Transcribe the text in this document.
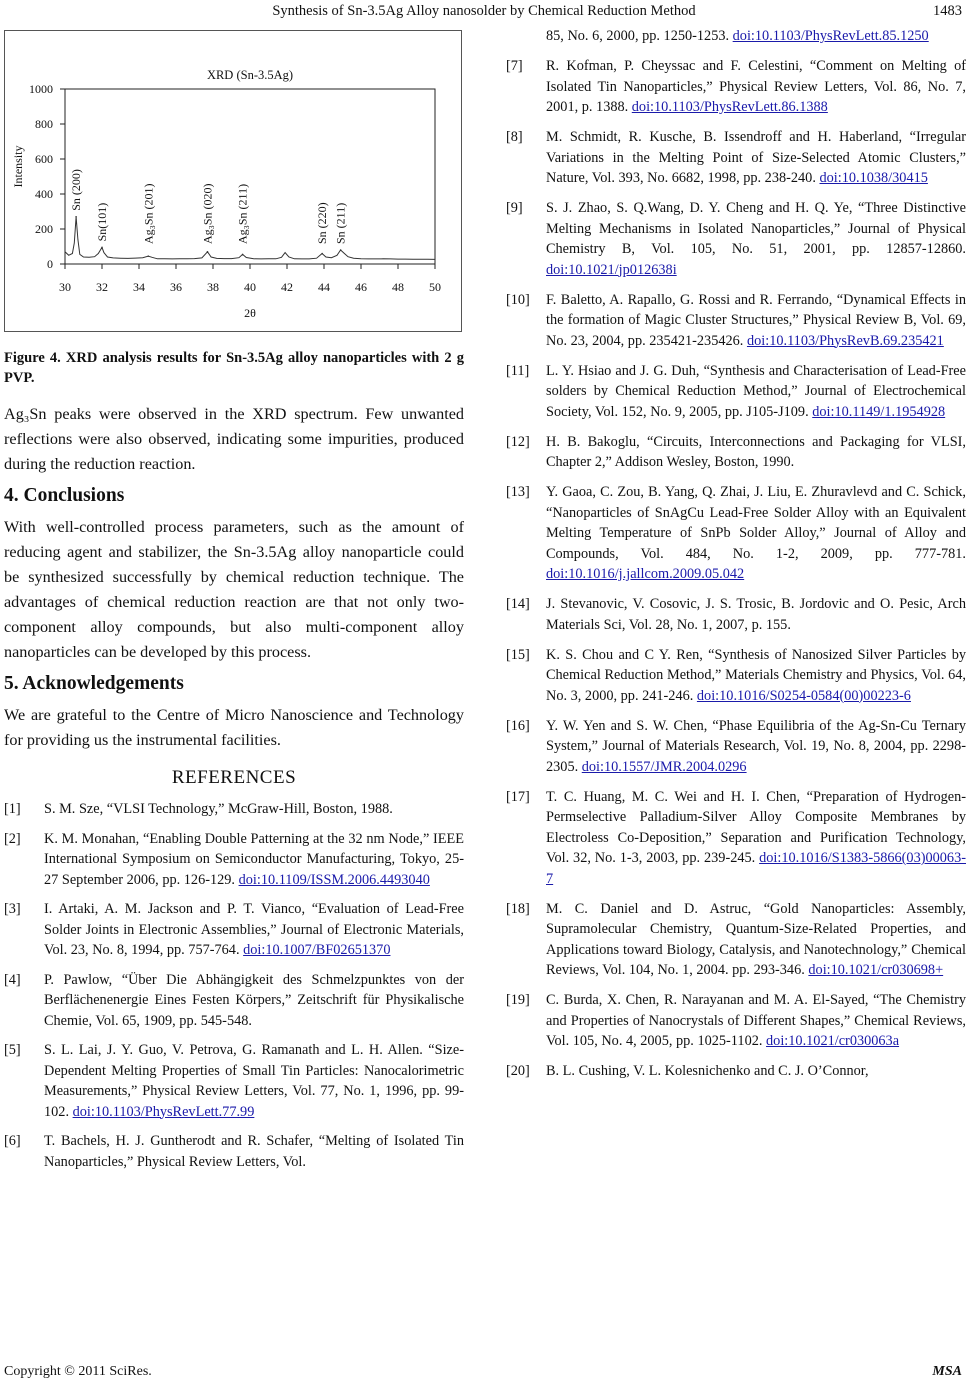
Synthesis of Sn-3.5Ag Alloy nanosolder by Chemical Reduction Method	1483
XRD (Sn-3.5Ag)
0
200
400
600
800
1000
30 32 34 36 38 40 42 44 46 48 50
2θ
Intensity
Sn (200)
Sn(101)	Ag₃Sn (201)	Ag₃Sn (020) Ag₃Sn (211)	Sn (220) Sn (211)
Figure 4. XRD analysis results for Sn-3.5Ag alloy nanoparticles with 2 g PVP.

Ag₃Sn peaks were observed in the XRD spectrum. Few unwanted reflections were also observed, indicating some impurities, produced during the reduction reaction.

4. Conclusions

With well-controlled process parameters, such as the amount of reducing agent and stabilizer, the Sn-3.5Ag alloy nanoparticle could be synthesized successfully by chemical reduction technique. The advantages of chemical reduction reaction are that not only two-component alloy compounds, but also multi-component alloy nanoparticles can be developed by this process.

5. Acknowledgements

We are grateful to the Centre of Micro Nanoscience and Technology for providing us the instrumental facilities.

REFERENCES
[1] S. M. Sze, “VLSI Technology,” McGraw-Hill, Boston, 1988.
[2] K. M. Monahan, “Enabling Double Patterning at the 32 nm Node,” IEEE International Symposium on Semiconductor Manufacturing, Tokyo, 25-27 September 2006, pp. 126-129. doi:10.1109/ISSM.2006.4493040
[3] I. Artaki, A. M. Jackson and P. T. Vianco, “Evaluation of Lead-Free Solder Joints in Electronic Assemblies,” Journal of Electronic Materials, Vol. 23, No. 8, 1994, pp. 757-764. doi:10.1007/BF02651370
[4] P. Pawlow, “Über Die Abhängigkeit des Schmelzpunktes von der Berflächenenergie Eines Festen Körpers,” Zeitschrift für Physikalische Chemie, Vol. 65, 1909, pp. 545-548.
[5] S. L. Lai, J. Y. Guo, V. Petrova, G. Ramanath and L. H. Allen. “Size-Dependent Melting Properties of Small Tin Particles: Nanocalorimetric Measurements,” Physical Review Letters, Vol. 77, No. 1, 1996, pp. 99-102. doi:10.1103/PhysRevLett.77.99
[6] T. Bachels, H. J. Guntherodt and R. Schafer, “Melting of Isolated Tin Nanoparticles,” Physical Review Letters, Vol.
85, No. 6, 2000, pp. 1250-1253. doi:10.1103/PhysRevLett.85.1250
[7] R. Kofman, P. Cheyssac and F. Celestini, “Comment on Melting of Isolated Tin Nanoparticles,” Physical Review Letters, Vol. 86, No. 7, 2001, p. 1388. doi:10.1103/PhysRevLett.86.1388
[8] M. Schmidt, R. Kusche, B. Issendroff and H. Haberland, “Irregular Variations in the Melting Point of Size-Selected Atomic Clusters,” Nature, Vol. 393, No. 6682, 1998, pp. 238-240. doi:10.1038/30415
[9] S. J. Zhao, S. Q.Wang, D. Y. Cheng and H. Q. Ye, “Three Distinctive Melting Mechanisms in Isolated Nanoparticles,” Journal of Physical Chemistry B, Vol. 105, No. 51, 2001, pp. 12857-12860. doi:10.1021/jp012638i
[10] F. Baletto, A. Rapallo, G. Rossi and R. Ferrando, “Dynamical Effects in the formation of Magic Cluster Structures,” Physical Review B, Vol. 69, No. 23, 2004, pp. 235421-235426. doi:10.1103/PhysRevB.69.235421
[11] L. Y. Hsiao and J. G. Duh, “Synthesis and Characterisation of Lead-Free solders by Chemical Reduction Method,” Journal of Electrochemical Society, Vol. 152, No. 9, 2005, pp. J105-J109. doi:10.1149/1.1954928
[12] H. B. Bakoglu, “Circuits, Interconnections and Packaging for VLSI, Chapter 2,” Addison Wesley, Boston, 1990.
[13] Y. Gaoa, C. Zou, B. Yang, Q. Zhai, J. Liu, E. Zhuravlevd and C. Schick, “Nanoparticles of SnAgCu Lead-Free Solder Alloy with an Equivalent Melting Temperature of SnPb Solder Alloy,” Journal of Alloy and Compounds, Vol. 484, No. 1-2, 2009, pp. 777-781. doi:10.1016/j.jallcom.2009.05.042
[14] J. Stevanovic, V. Cosovic, J. S. Trosic, B. Jordovic and O. Pesic, Arch Materials Sci, Vol. 28, No. 1, 2007, p. 155.
[15] K. S. Chou and C Y. Ren, “Synthesis of Nanosized Silver Particles by Chemical Reduction Method,” Materials Chemistry and Physics, Vol. 64, No. 3, 2000, pp. 241-246. doi:10.1016/S0254-0584(00)00223-6
[16] Y. W. Yen and S. W. Chen, “Phase Equilibria of the Ag-Sn-Cu Ternary System,” Journal of Materials Research, Vol. 19, No. 8, 2004, pp. 2298-2305. doi:10.1557/JMR.2004.0296
[17] T. C. Huang, M. C. Wei and H. I. Chen, “Preparation of Hydrogen-Permselective Palladium-Silver Alloy Composite Membranes by Electroless Co-Deposition,” Separation and Purification Technology, Vol. 32, No. 1-3, 2003, pp. 239-245. doi:10.1016/S1383-5866(03)00063-7
[18] M. C. Daniel and D. Astruc, “Gold Nanoparticles: Assembly, Supramolecular Chemistry, Quantum-Size-Related Properties, and Applications toward Biology, Catalysis, and Nanotechnology,” Chemical Reviews, Vol. 104, No. 1, 2004. pp. 293-346. doi:10.1021/cr030698+
[19] C. Burda, X. Chen, R. Narayanan and M. A. El-Sayed, “The Chemistry and Properties of Nanocrystals of Different Shapes,” Chemical Reviews, Vol. 105, No. 4, 2005, pp. 1025-1102. doi:10.1021/cr030063a
[20] B. L. Cushing, V. L. Kolesnichenko and C. J. O’Connor,
Copyright © 2011 SciRes.	MSA
